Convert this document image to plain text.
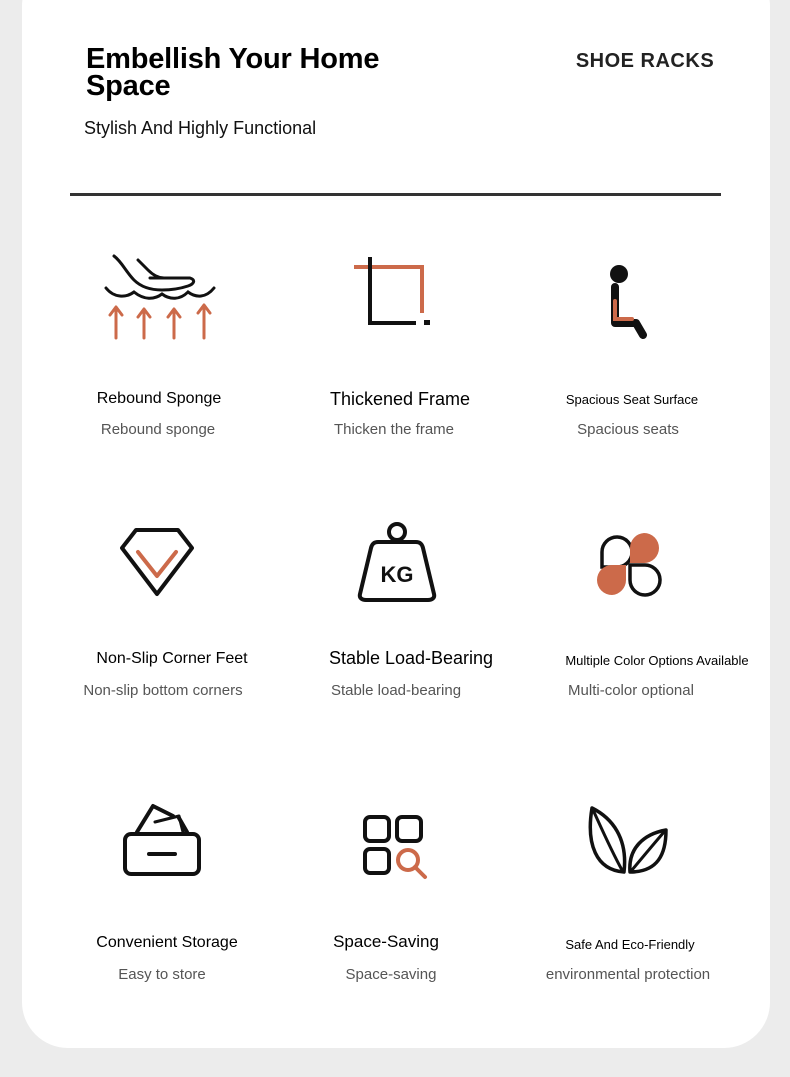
Embellish Your Home Space
Stylish And Highly Functional
SHOE RACKS
Rebound Sponge
Rebound sponge
Thickened Frame
Thicken the frame
Spacious Seat Surface
Spacious seats
Non-Slip Corner Feet
Non-slip bottom corners
KG
Stable Load-Bearing
Stable load-bearing
Multiple Color Options Available
Multi-color optional
Convenient Storage
Easy to store
Space-Saving
Space-saving
Safe And Eco-Friendly
environmental protection
